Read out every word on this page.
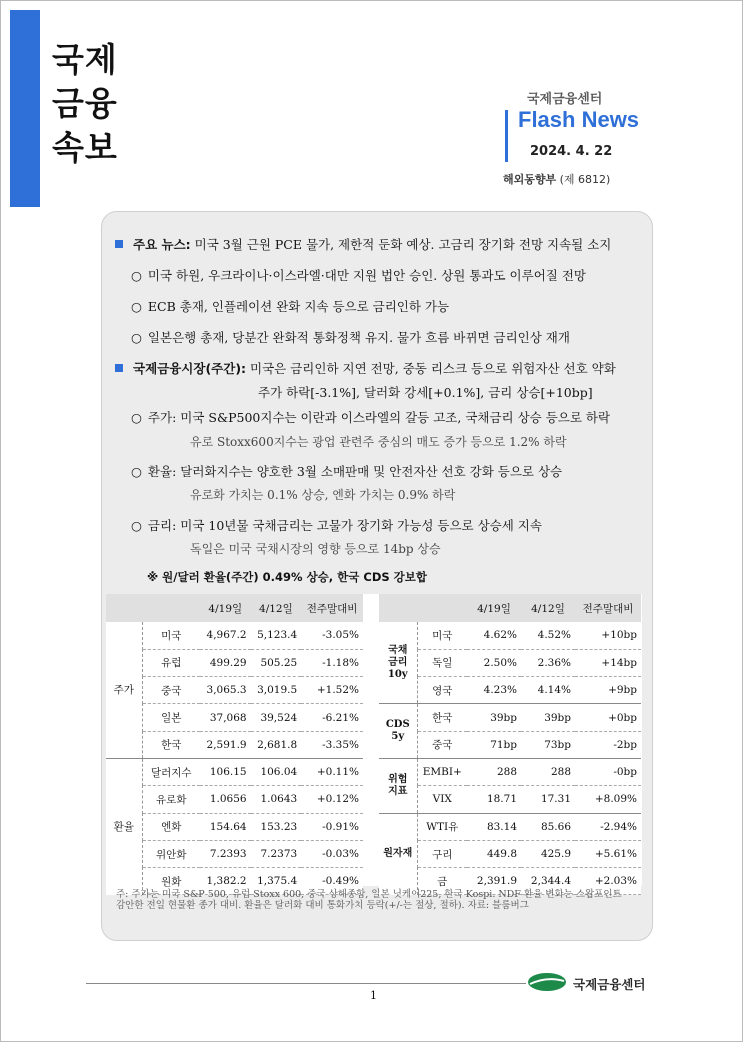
국제
금융
속보
국제금융센터
Flash News
2024. 4. 22
해외동향부 (제 6812)
주요 뉴스: 미국 3월 근원 PCE 물가, 제한적 둔화 예상. 고금리 장기화 전망 지속될 소지
○ 미국 하원, 우크라이나·이스라엘·대만 지원 법안 승인. 상원 통과도 이루어질 전망
○ ECB 총재, 인플레이션 완화 지속 등으로 금리인하 가능
○ 일본은행 총재, 당분간 완화적 통화정책 유지. 물가 흐름 바뀌면 금리인상 재개
국제금융시장(주간): 미국은 금리인하 지연 전망, 중동 리스크 등으로 위험자산 선호 약화
주가 하락[-3.1%], 달러화 강세[+0.1%], 금리 상승[+10bp]
○ 주가: 미국 S&P500지수는 이란과 이스라엘의 갈등 고조, 국채금리 상승 등으로 하락
유로 Stoxx600지수는 광업 관련주 중심의 매도 증가 등으로 1.2% 하락
○ 환율: 달러화지수는 양호한 3월 소매판매 및 안전자산 선호 강화 등으로 상승
유로화 가치는 0.1% 상승, 엔화 가치는 0.9% 하락
○ 금리: 미국 10년물 국채금리는 고물가 장기화 가능성 등으로 상승세 지속
독일은 미국 국채시장의 영향 등으로 14bp 상승
※ 원/달러 환율(주간) 0.49% 상승, 한국 CDS 강보합
		4/19일	4/12일	전주말대비
주가	미국	4,967.2	5,123.4	-3.05%
	유럽	499.29	505.25	-1.18%
	중국	3,065.3	3,019.5	+1.52%
	일본	37,068	39,524	-6.21%
	한국	2,591.9	2,681.8	-3.35%
환율	달러지수	106.15	106.04	+0.11%
	유로화	1.0656	1.0643	+0.12%
	엔화	154.64	153.23	-0.91%
	위안화	7.2393	7.2373	-0.03%
	원화	1,382.2	1,375.4	-0.49%
		4/19일	4/12일	전주말대비
국채
금리
10y	미국	4.62%	4.52%	+10bp
	독일	2.50%	2.36%	+14bp
	영국	4.23%	4.14%	+9bp
CDS
5y	한국	39bp	39bp	+0bp
	중국	71bp	73bp	-2bp
위험
지표	EMBI+	288	288	-0bp
	VIX	18.71	17.31	+8.09%
원자재	WTI유	83.14	85.66	-2.94%
	구리	449.8	425.9	+5.61%
	금	2,391.9	2,344.4	+2.03%
주: 주가는 미국 S&P 500, 유럽 Stoxx 600, 중국 상해종합, 일본 닛케이225, 한국 Kospi. NDF 환율 변화는 스왑포인트
감안한 전일 현물환 종가 대비. 환율은 달러화 대비 통화가치 등락(+/-는 절상, 절하). 자료: 블룸버그
1
국제금융센터
